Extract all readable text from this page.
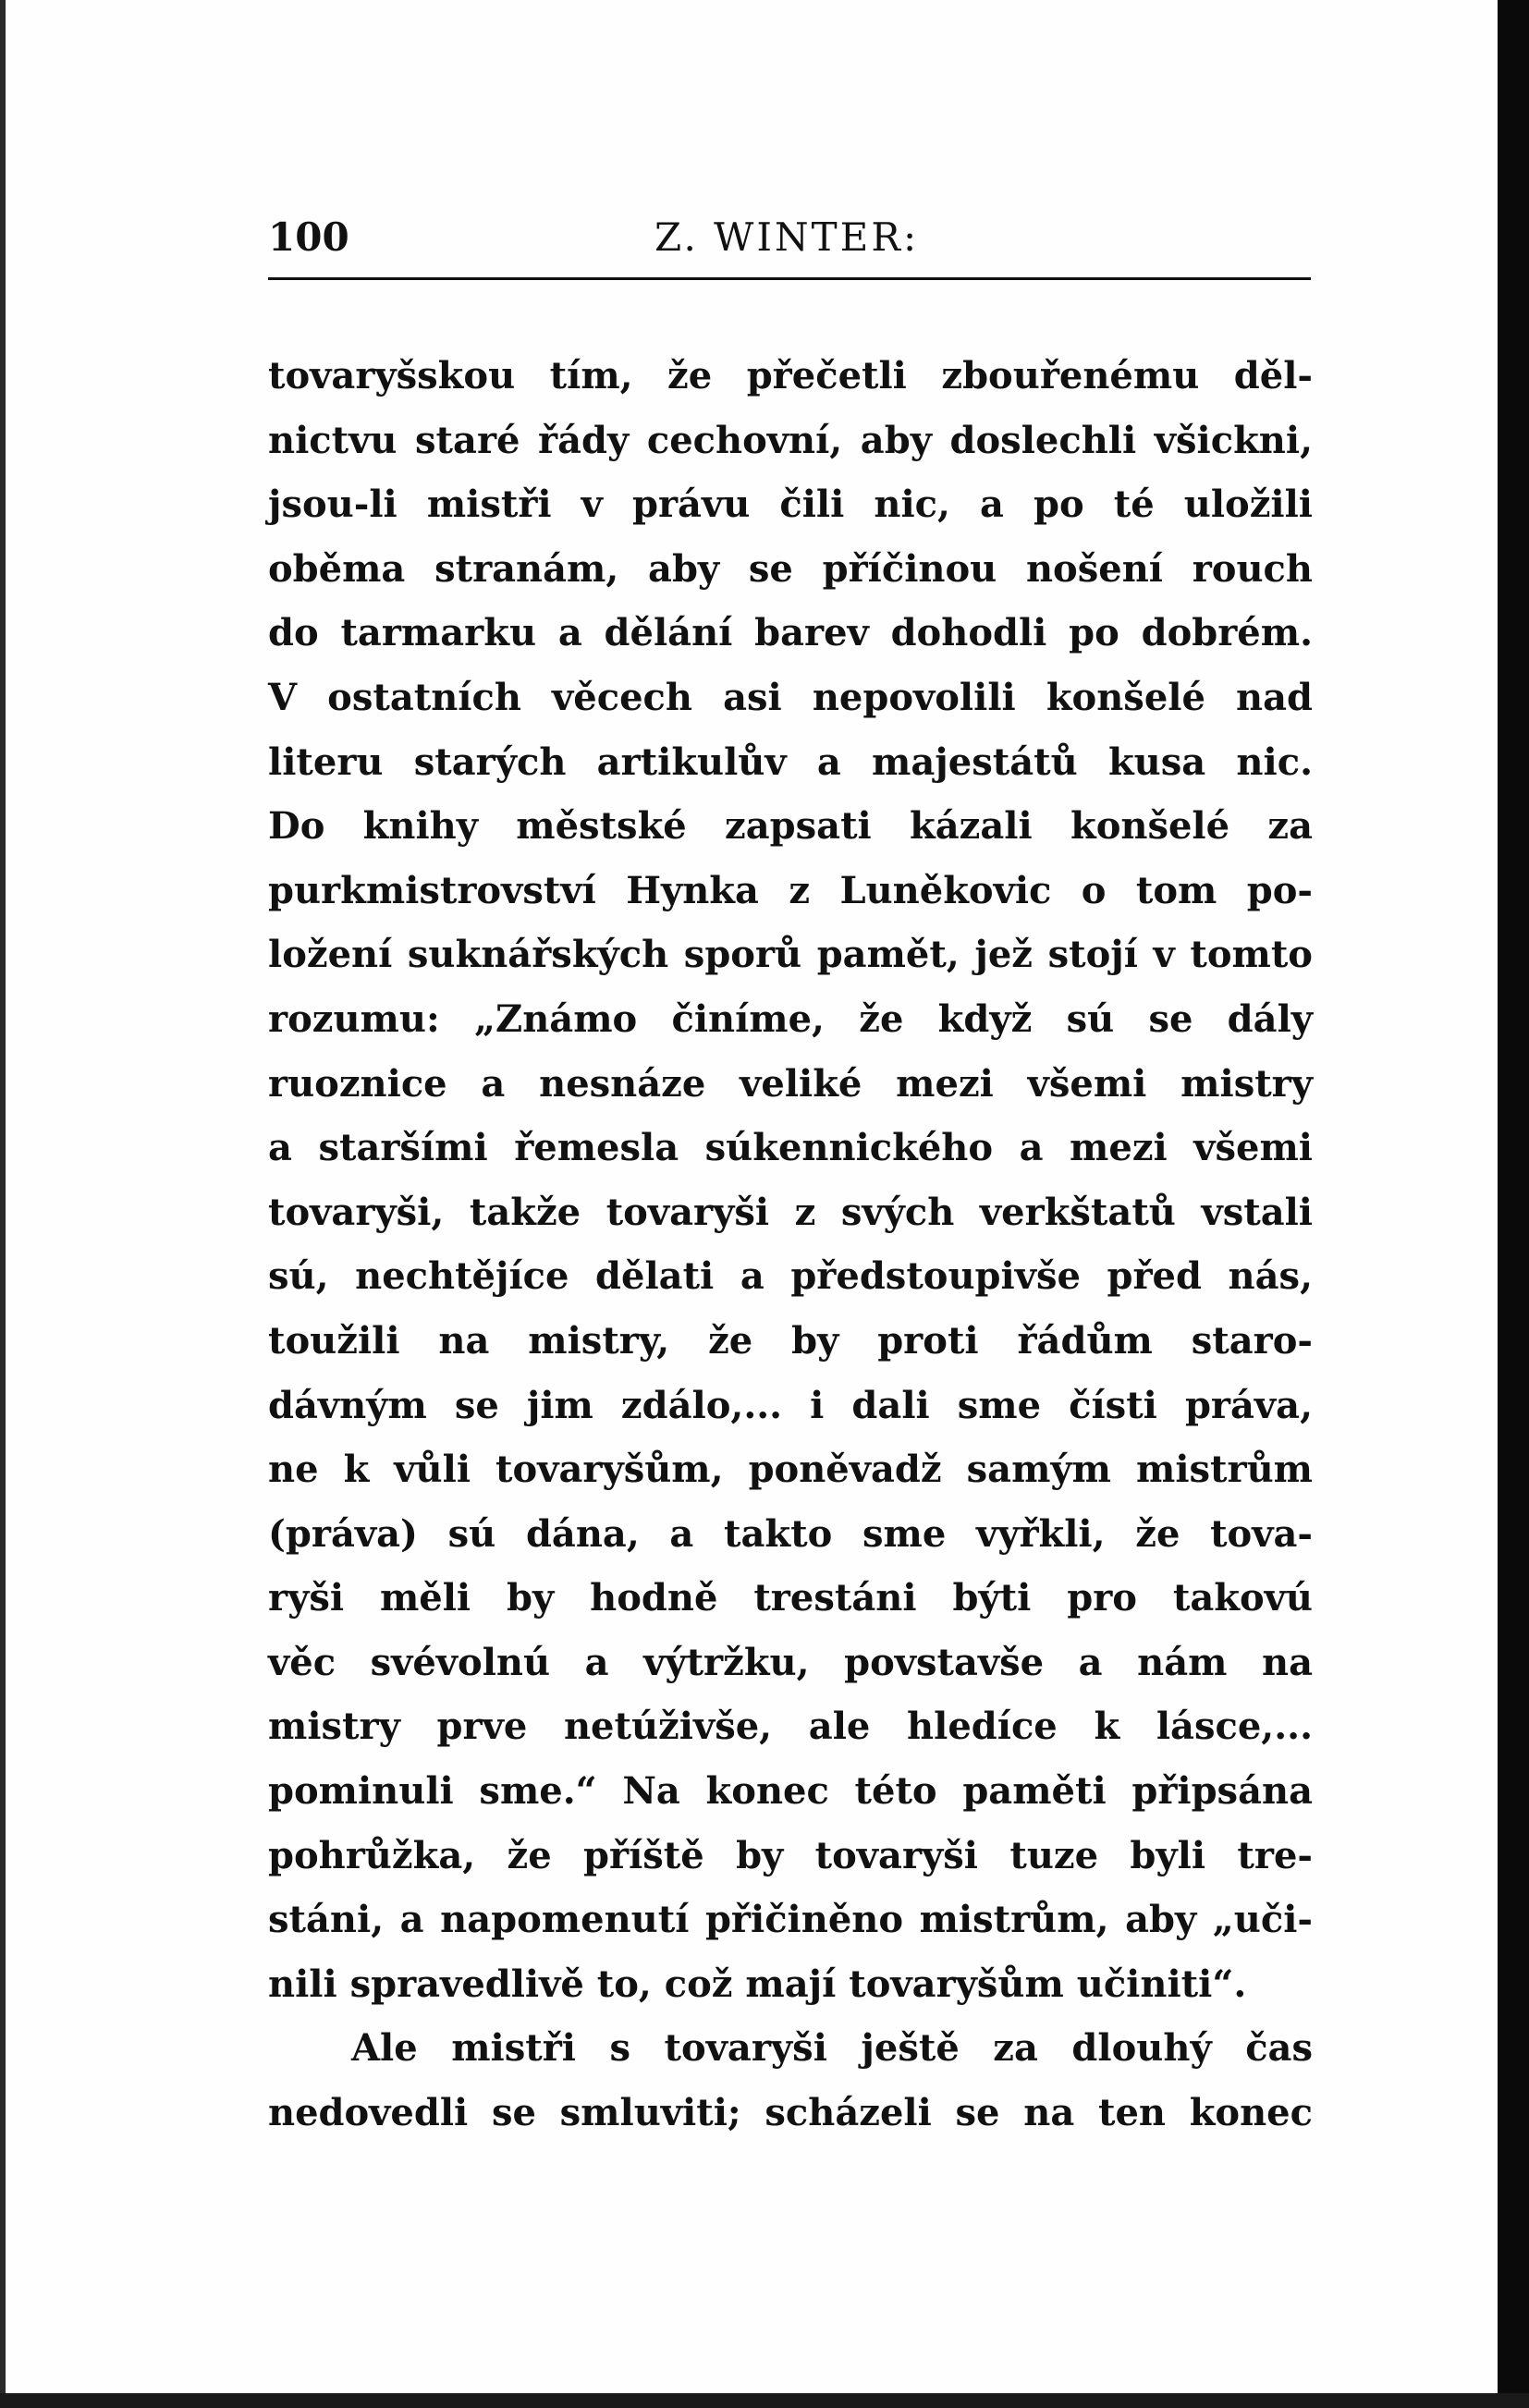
100	Z. WINTER:
tovaryšskou tím, že přečetli zbouřenému děl-
nictvu staré řády cechovní, aby doslechli všickni,
jsou-li mistři v právu čili nic, a po té uložili
oběma stranám, aby se příčinou nošení rouch
do tarmarku a dělání barev dohodli po dobrém.
V ostatních věcech asi nepovolili konšelé nad
literu starých artikulův a majestátů kusa nic.
Do knihy městské zapsati kázali konšelé za
purkmistrovství Hynka z Luněkovic o tom po-
ložení suknářských sporů pamět, jež stojí v tomto
rozumu: „Známo činíme, že když sú se dály
ruoznice a nesnáze veliké mezi všemi mistry
a staršími řemesla súkennického a mezi všemi
tovaryši, takže tovaryši z svých verkštatů vstali
sú, nechtějíce dělati a předstoupivše před nás,
toužili na mistry, že by proti řádům staro-
dávným se jim zdálo,... i dali sme čísti práva,
ne k vůli tovaryšům, poněvadž samým mistrům
(práva) sú dána, a takto sme vyřkli, že tova-
ryši měli by hodně trestáni býti pro takovú
věc svévolnú a výtržku, povstavše a nám na
mistry prve netúživše, ale hledíce k lásce,...
pominuli sme.“ Na konec této paměti připsána
pohrůžka, že příště by tovaryši tuze byli tre-
stáni, a napomenutí přičiněno mistrům, aby „uči-
nili spravedlivě to, což mají tovaryšům učiniti“.
Ale mistři s tovaryši ještě za dlouhý čas
nedovedli se smluviti; scházeli se na ten konec
